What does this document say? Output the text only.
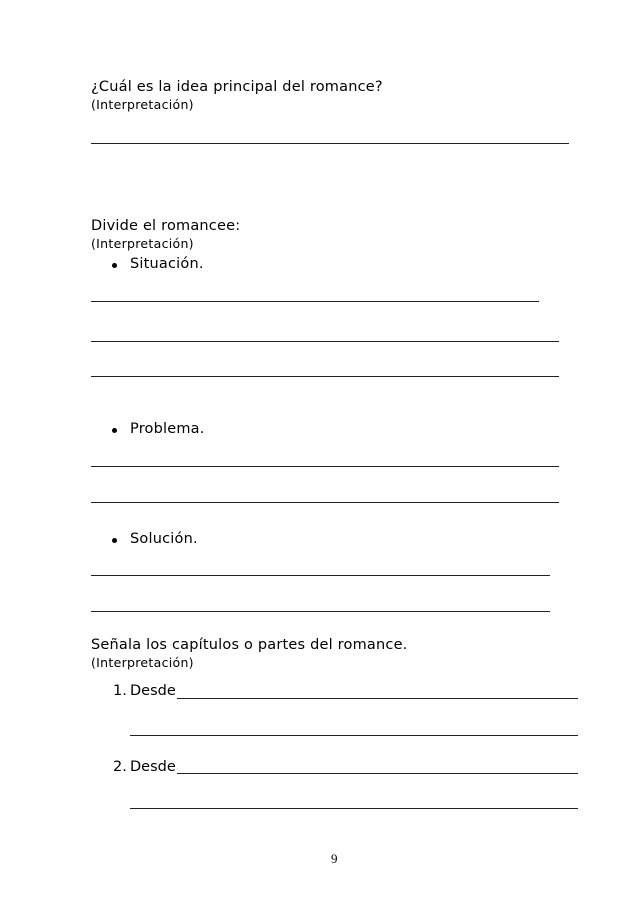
¿Cuál es la idea principal del romance?
(Interpretación)
Divide el romancee:
(Interpretación)
Situación.
Problema.
Solución.
Señala los capítulos o partes del romance.
(Interpretación)
1. Desde
2. Desde
9
